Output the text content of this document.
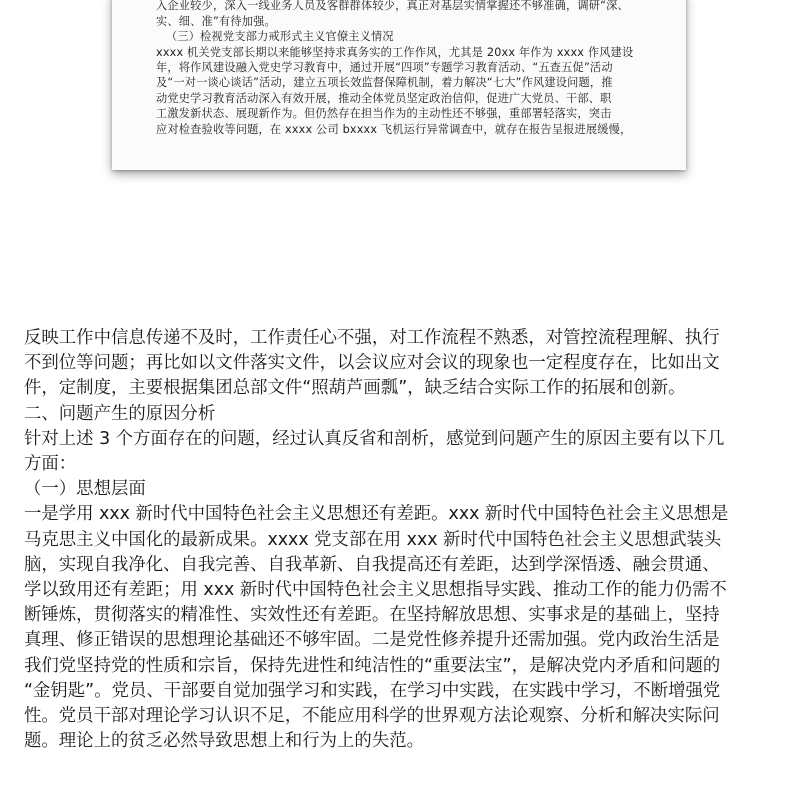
入企业较少，深入一线业务人员及客群群体较少，真正对基层实情掌握还不够准确，调研“深、
实、细、准”有待加强。
（三）检视党支部力戒形式主义官僚主义情况
xxxx 机关党支部长期以来能够坚持求真务实的工作作风，尤其是 20xx 年作为 xxxx 作风建设
年，将作风建设融入党史学习教育中，通过开展“四项”专题学习教育活动、“五查五促”活动
及“一对一谈心谈话”活动，建立五项长效监督保障机制，着力解决“七大”作风建设问题，推
动党史学习教育活动深入有效开展，推动全体党员坚定政治信仰，促进广大党员、干部、职
工激发新状态、展现新作为。但仍然存在担当作为的主动性还不够强，重部署轻落实，突击
应对检查验收等问题，在 xxxx 公司 bxxxx 飞机运行异常调查中，就存在报告呈报进展缓慢，
反映工作中信息传递不及时，工作责任心不强，对工作流程不熟悉，对管控流程理解、执行
不到位等问题；再比如以文件落实文件，以会议应对会议的现象也一定程度存在，比如出文
件，定制度，主要根据集团总部文件“照葫芦画瓢”，缺乏结合实际工作的拓展和创新。
二、问题产生的原因分析
针对上述 3 个方面存在的问题，经过认真反省和剖析，感觉到问题产生的原因主要有以下几
方面：
（一）思想层面
一是学用 xxx 新时代中国特色社会主义思想还有差距。xxx 新时代中国特色社会主义思想是
马克思主义中国化的最新成果。xxxx 党支部在用 xxx 新时代中国特色社会主义思想武装头
脑，实现自我净化、自我完善、自我革新、自我提高还有差距，达到学深悟透、融会贯通、
学以致用还有差距；用 xxx 新时代中国特色社会主义思想指导实践、推动工作的能力仍需不
断锤炼，贯彻落实的精准性、实效性还有差距。在坚持解放思想、实事求是的基础上，坚持
真理、修正错误的思想理论基础还不够牢固。二是党性修养提升还需加强。党内政治生活是
我们党坚持党的性质和宗旨，保持先进性和纯洁性的“重要法宝”，是解决党内矛盾和问题的
“金钥匙”。党员、干部要自觉加强学习和实践，在学习中实践，在实践中学习，不断增强党
性。党员干部对理论学习认识不足，不能应用科学的世界观方法论观察、分析和解决实际问
题。理论上的贫乏必然导致思想上和行为上的失范。
